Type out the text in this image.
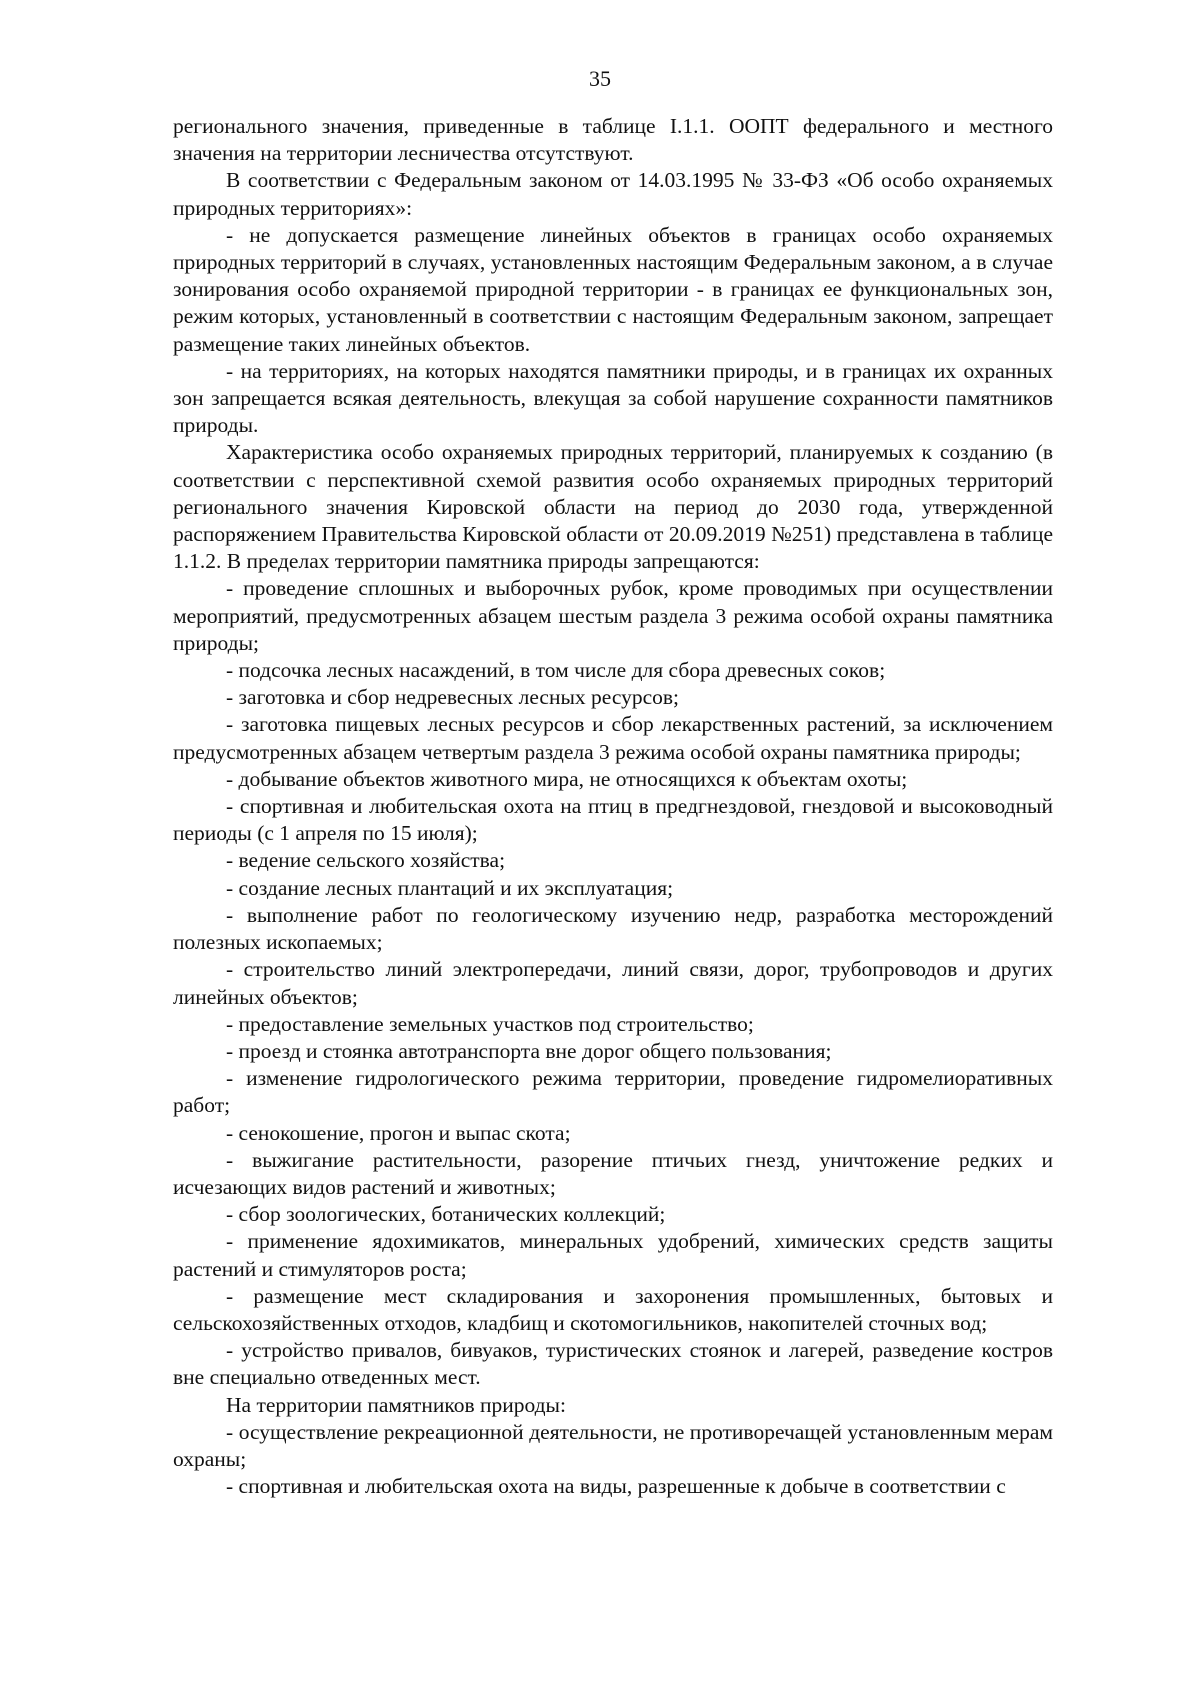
35

регионального значения, приведенные в таблице I.1.1. ООПТ федерального и местного значения на территории лесничества отсутствуют.

В соответствии с Федеральным законом от 14.03.1995 № 33-ФЗ «Об особо охраняемых природных территориях»:

- не допускается размещение линейных объектов в границах особо охраняемых природных территорий в случаях, установленных настоящим Федеральным законом, а в случае зонирования особо охраняемой природной территории - в границах ее функциональных зон, режим которых, установленный в соответствии с настоящим Федеральным законом, запрещает размещение таких линейных объектов.

- на территориях, на которых находятся памятники природы, и в границах их охранных зон запрещается всякая деятельность, влекущая за собой нарушение сохранности памятников природы.

Характеристика особо охраняемых природных территорий, планируемых к созданию (в соответствии с перспективной схемой развития особо охраняемых природных территорий регионального значения Кировской области на период до 2030 года, утвержденной распоряжением Правительства Кировской области от 20.09.2019 №251) представлена в таблице 1.1.2. В пределах территории памятника природы запрещаются:

- проведение сплошных и выборочных рубок, кроме проводимых при осуществлении мероприятий, предусмотренных абзацем шестым раздела 3 режима особой охраны памятника природы;

- подсочка лесных насаждений, в том числе для сбора древесных соков;

- заготовка и сбор недревесных лесных ресурсов;

- заготовка пищевых лесных ресурсов и сбор лекарственных растений, за исключением предусмотренных абзацем четвертым раздела 3 режима особой охраны памятника природы;

- добывание объектов животного мира, не относящихся к объектам охоты;

- спортивная и любительская охота на птиц в предгнездовой, гнездовой и высоководный периоды (с 1 апреля по 15 июля);

- ведение сельского хозяйства;

- создание лесных плантаций и их эксплуатация;

- выполнение работ по геологическому изучению недр, разработка месторождений полезных ископаемых;

- строительство линий электропередачи, линий связи, дорог, трубопроводов и других линейных объектов;

- предоставление земельных участков под строительство;

- проезд и стоянка автотранспорта вне дорог общего пользования;

- изменение гидрологического режима территории, проведение гидромелиоративных работ;

- сенокошение, прогон и выпас скота;

- выжигание растительности, разорение птичьих гнезд, уничтожение редких и исчезающих видов растений и животных;

- сбор зоологических, ботанических коллекций;

- применение ядохимикатов, минеральных удобрений, химических средств защиты растений и стимуляторов роста;

- размещение мест складирования и захоронения промышленных, бытовых и сельскохозяйственных отходов, кладбищ и скотомогильников, накопителей сточных вод;

- устройство привалов, бивуаков, туристических стоянок и лагерей, разведение костров вне специально отведенных мест.

На территории памятников природы:

- осуществление рекреационной деятельности, не противоречащей установленным мерам охраны;

- спортивная и любительская охота на виды, разрешенные к добыче в соответствии с
